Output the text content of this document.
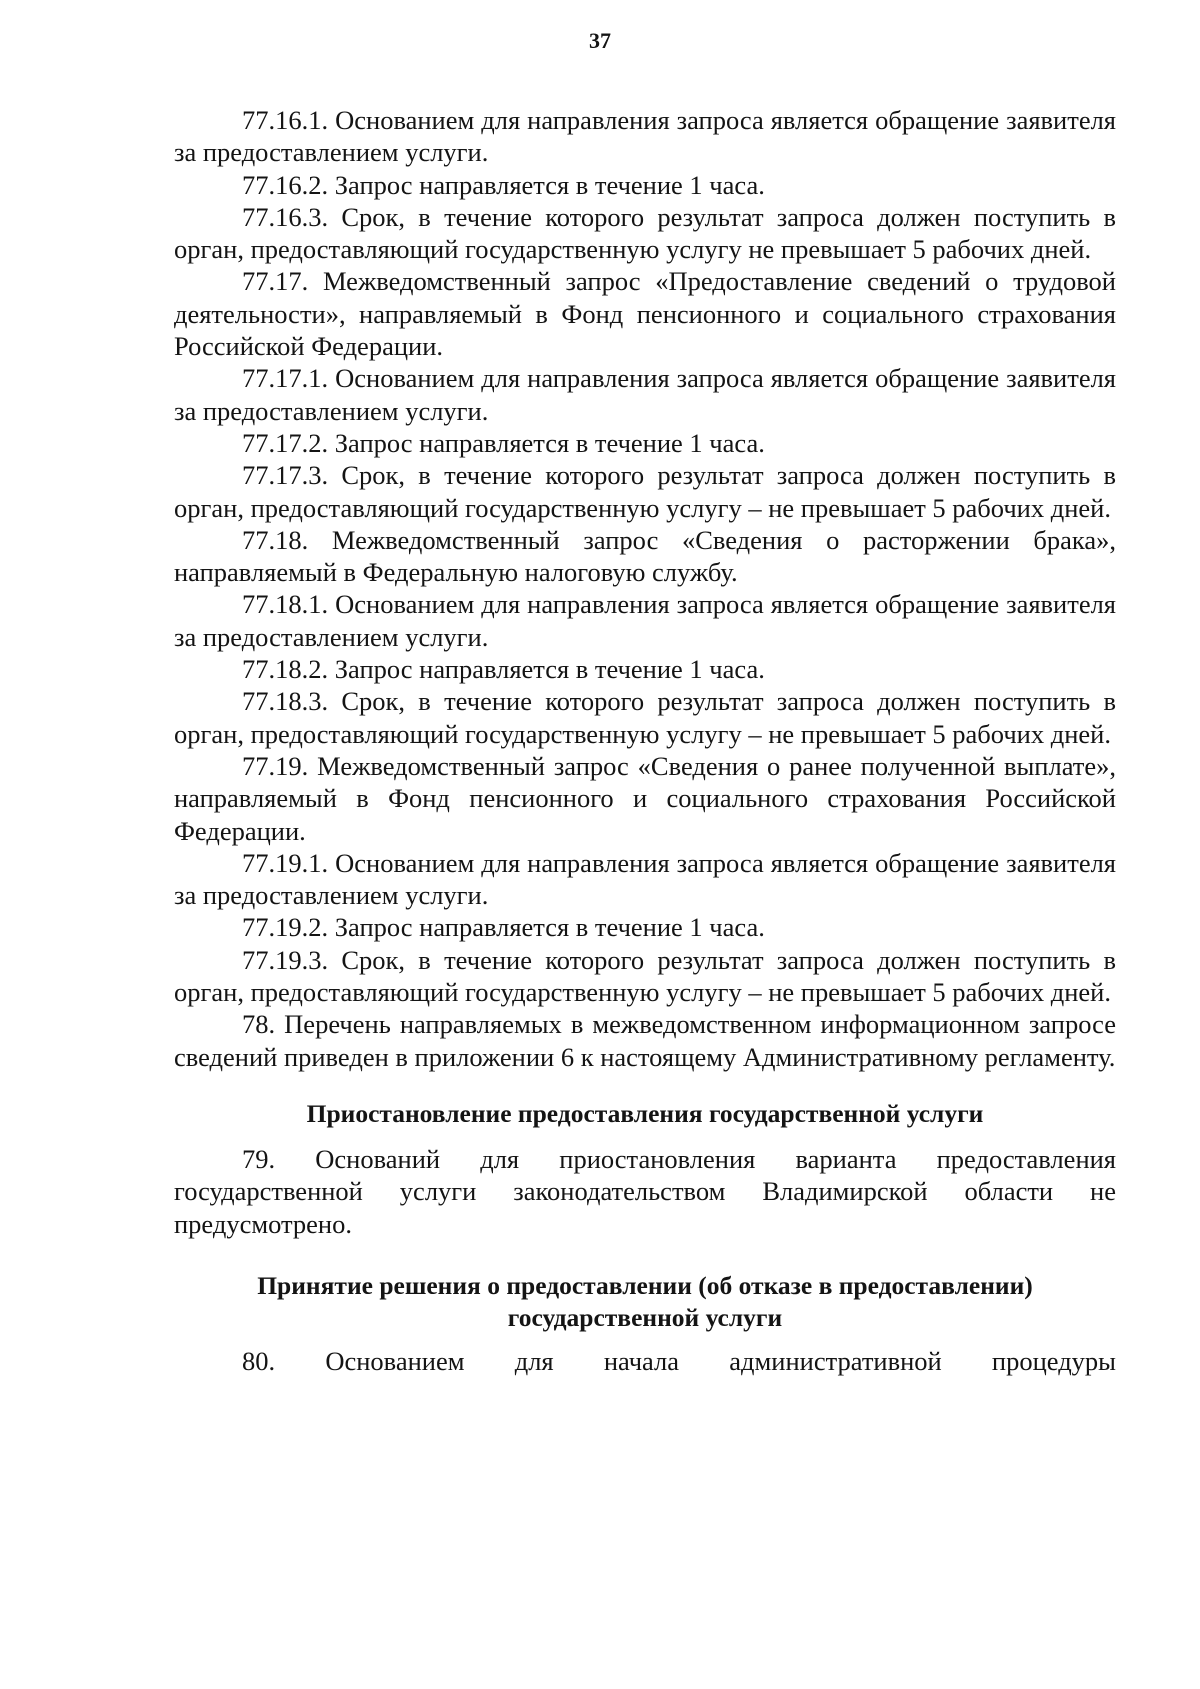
37

77.16.1. Основанием для направления запроса является обращение заявителя за предоставлением услуги.

77.16.2. Запрос направляется в течение 1 часа.

77.16.3. Срок, в течение которого результат запроса должен поступить в орган, предоставляющий государственную услугу не превышает 5 рабочих дней.

77.17. Межведомственный запрос «Предоставление сведений о трудовой деятельности», направляемый в Фонд пенсионного и социального страхования Российской Федерации.

77.17.1. Основанием для направления запроса является обращение заявителя за предоставлением услуги.

77.17.2. Запрос направляется в течение 1 часа.

77.17.3. Срок, в течение которого результат запроса должен поступить в орган, предоставляющий государственную услугу – не превышает 5 рабочих дней.

77.18. Межведомственный запрос «Сведения о расторжении брака», направляемый в Федеральную налоговую службу.

77.18.1. Основанием для направления запроса является обращение заявителя за предоставлением услуги.

77.18.2. Запрос направляется в течение 1 часа.

77.18.3. Срок, в течение которого результат запроса должен поступить в орган, предоставляющий государственную услугу – не превышает 5 рабочих дней.

77.19. Межведомственный запрос «Сведения о ранее полученной выплате», направляемый в Фонд пенсионного и социального страхования Российской Федерации.

77.19.1. Основанием для направления запроса является обращение заявителя за предоставлением услуги.

77.19.2. Запрос направляется в течение 1 часа.

77.19.3. Срок, в течение которого результат запроса должен поступить в орган, предоставляющий государственную услугу – не превышает 5 рабочих дней.

78. Перечень направляемых в межведомственном информационном запросе сведений приведен в приложении 6 к настоящему Административному регламенту.

Приостановление предоставления государственной услуги

79. Оснований для приостановления варианта предоставления государственной услуги законодательством Владимирской области не предусмотрено.

Принятие решения о предоставлении (об отказе в предоставлении) государственной услуги

80. Основанием для начала административной процедуры
